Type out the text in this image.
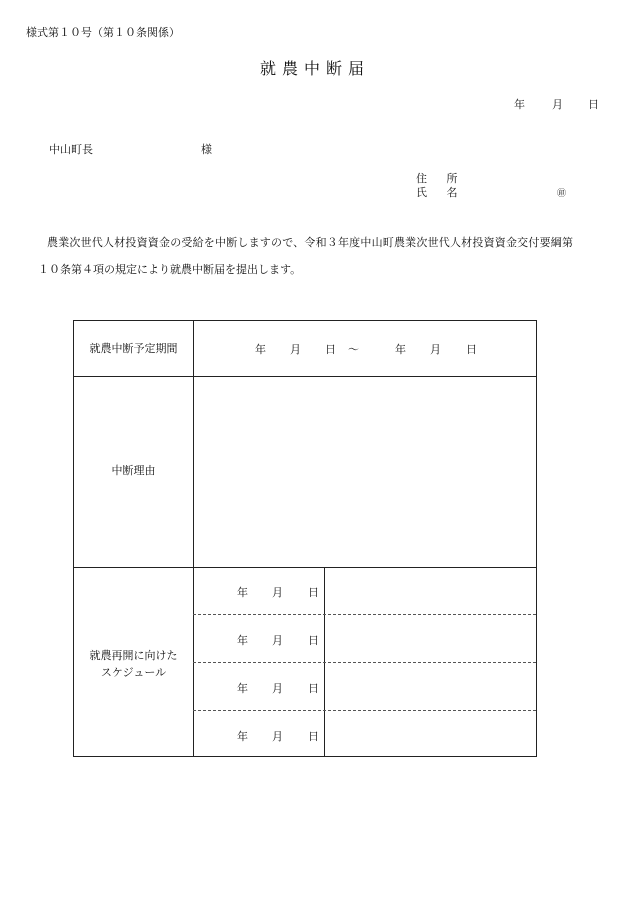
様式第１０号（第１０条関係）
就農中断届
年 月 日
中山町長	様
住 所
氏 名	㊞
農業次世代人材投資資金の受給を中断しますので、令和３年度中山町農業次世代人材投資資金交付要綱第
１０条第４項の規定により就農中断届を提出します。
就農中断予定期間	年 月 日 ～	年 月 日
中断理由
就農再開に向けた
スケジュール
年 月 日
年 月 日
年 月 日
年 月 日
